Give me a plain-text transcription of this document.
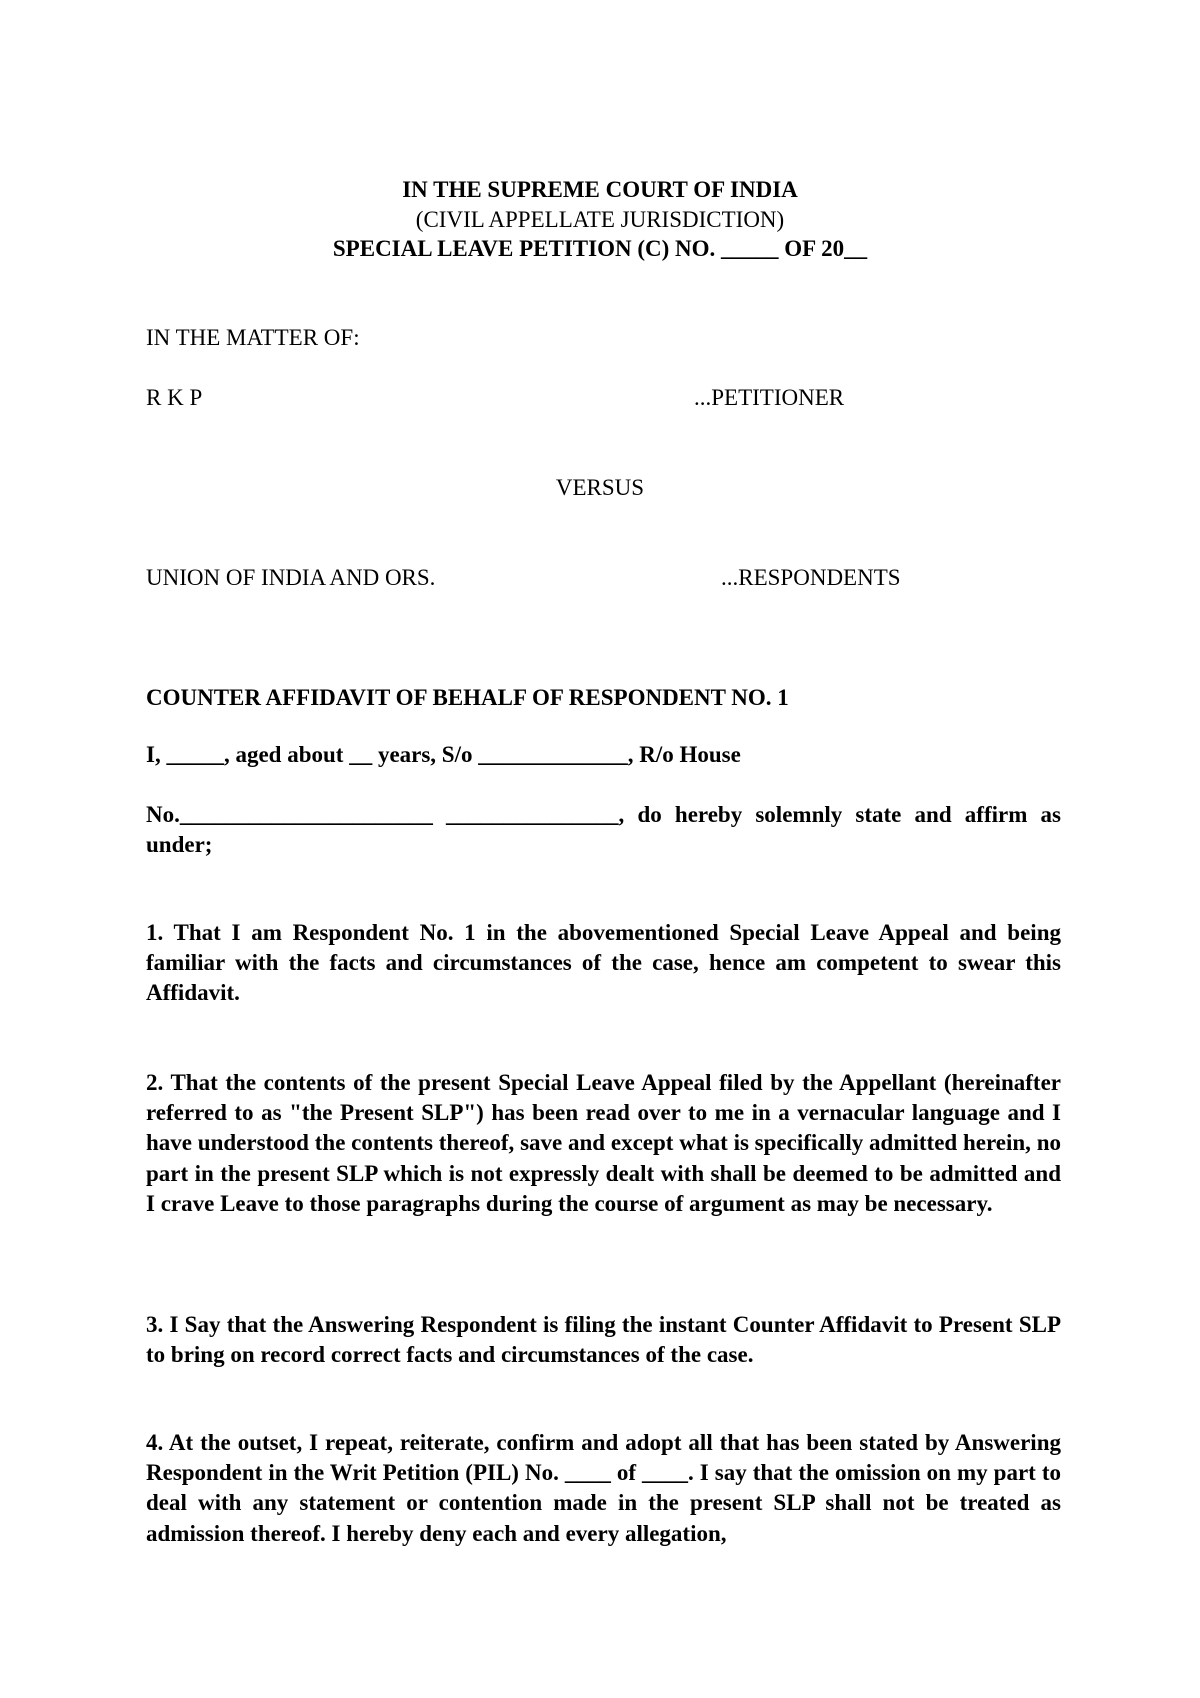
IN THE SUPREME COURT OF INDIA
(CIVIL APPELLATE JURISDICTION)
SPECIAL LEAVE PETITION (C) NO. _____ OF 20__
IN THE MATTER OF:
R K P	...PETITIONER
VERSUS
UNION OF INDIA AND ORS.	...RESPONDENTS
COUNTER AFFIDAVIT OF BEHALF OF RESPONDENT NO. 1
I, _____, aged about __ years, S/o _____________, R/o House
No.______________________ _______________, do hereby solemnly state and affirm as under;
1. That I am Respondent No. 1 in the abovementioned Special Leave Appeal and being familiar with the facts and circumstances of the case, hence am competent to swear this Affidavit.
2. That the contents of the present Special Leave Appeal filed by the Appellant (hereinafter referred to as "the Present SLP") has been read over to me in a vernacular language and I have understood the contents thereof, save and except what is specifically admitted herein, no part in the present SLP which is not expressly dealt with shall be deemed to be admitted and I crave Leave to those paragraphs during the course of argument as may be necessary.
3. I Say that the Answering Respondent is filing the instant Counter Affidavit to Present SLP to bring on record correct facts and circumstances of the case.
4. At the outset, I repeat, reiterate, confirm and adopt all that has been stated by Answering Respondent in the Writ Petition (PIL) No. ____ of ____. I say that the omission on my part to deal with any statement or contention made in the present SLP shall not be treated as admission thereof. I hereby deny each and every allegation,
